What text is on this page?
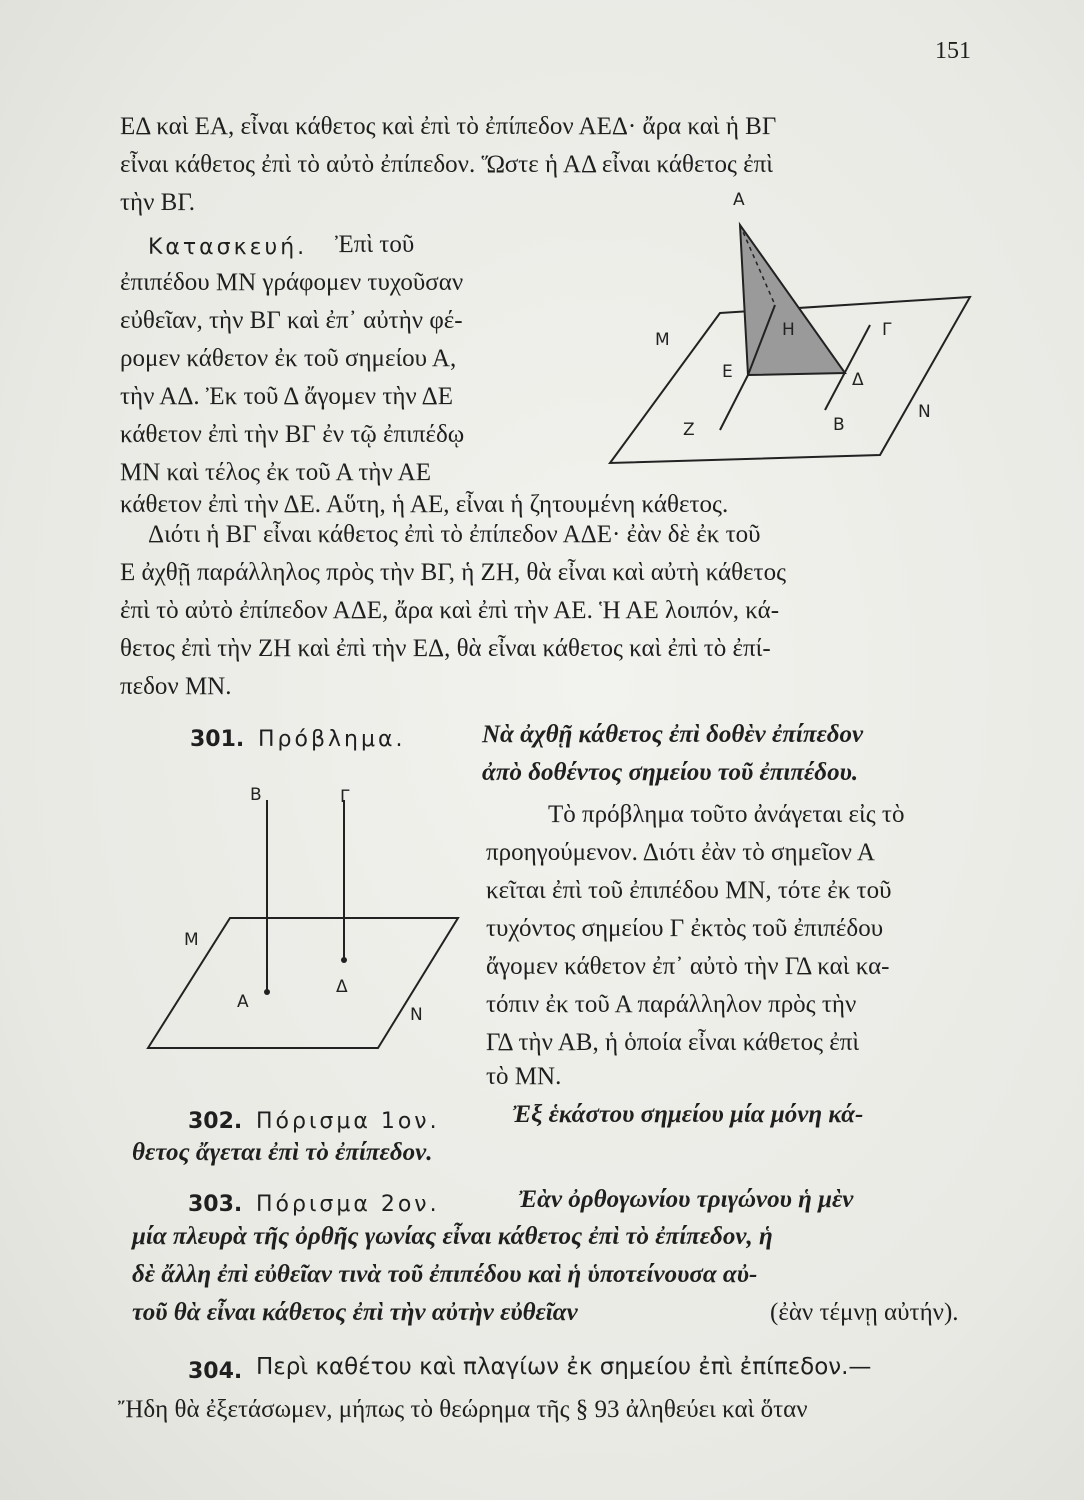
151
ΕΔ καὶ ΕΑ, εἶναι κάθετος καὶ ἐπὶ τὸ ἐπίπεδον ΑΕΔ· ἄρα καὶ ἡ ΒΓ
εἶναι κάθετος ἐπὶ τὸ αὐτὸ ἐπίπεδον. Ὥστε ἡ ΑΔ εἶναι κάθετος ἐπὶ
τὴν ΒΓ.
Κατασκευή. Ἐπὶ τοῦ
ἐπιπέδου ΜΝ γράφομεν τυχοῦσαν
εὐθεῖαν, τὴν ΒΓ καὶ ἐπ᾽ αὐτὴν φέ-
ρομεν κάθετον ἐκ τοῦ σημείου Α,
τὴν ΑΔ. Ἐκ τοῦ Δ ἄγομεν τὴν ΔΕ
κάθετον ἐπὶ τὴν ΒΓ ἐν τῷ ἐπιπέδῳ
ΜΝ καὶ τέλος ἐκ τοῦ Α τὴν ΑΕ
κάθετον ἐπὶ τὴν ΔΕ. Αὕτη, ἡ ΑΕ, εἶναι ἡ ζητουμένη κάθετος.
A
M	H	Γ
E	Δ
Z	B
N
Διότι ἡ ΒΓ εἶναι κάθετος ἐπὶ τὸ ἐπίπεδον ΑΔΕ· ἐὰν δὲ ἐκ τοῦ
Ε ἀχθῇ παράλληλος πρὸς τὴν ΒΓ, ἡ ΖΗ, θὰ εἶναι καὶ αὐτὴ κάθετος
ἐπὶ τὸ αὐτὸ ἐπίπεδον ΑΔΕ, ἄρα καὶ ἐπὶ τὴν ΑΕ. Ἡ ΑΕ λοιπόν, κά-
θετος ἐπὶ τὴν ΖΗ καὶ ἐπὶ τὴν ΕΔ, θὰ εἶναι κάθετος καὶ ἐπὶ τὸ ἐπί-
πεδον ΜΝ.
301. Πρόβλημα.	Νὰ ἀχθῇ κάθετος ἐπὶ δοθὲν ἐπίπεδον
ἀπὸ δοθέντος σημείου τοῦ ἐπιπέδου.
Τὸ πρόβλημα τοῦτο ἀνάγεται εἰς τὸ
προηγούμενον. Διότι ἐὰν τὸ σημεῖον Α
κεῖται ἐπὶ τοῦ ἐπιπέδου ΜΝ, τότε ἐκ τοῦ
τυχόντος σημείου Γ ἐκτὸς τοῦ ἐπιπέδου
ἄγομεν κάθετον ἐπ᾽ αὐτὸ τὴν ΓΔ καὶ κα-
τόπιν ἐκ τοῦ Α παράλληλον πρὸς τὴν
ΓΔ τὴν ΑΒ, ἡ ὁποία εἶναι κάθετος ἐπὶ
τὸ ΜΝ.
B	Γ
M
A
Δ
N
302. Πόρισμα 1ον.	Ἐξ ἑκάστου σημείου μία μόνη κά-
θετος ἄγεται ἐπὶ τὸ ἐπίπεδον.
303. Πόρισμα 2ον.	Ἐὰν ὀρθογωνίου τριγώνου ἡ μὲν
μία πλευρὰ τῆς ὀρθῆς γωνίας εἶναι κάθετος ἐπὶ τὸ ἐπίπεδον, ἡ
δὲ ἄλλη ἐπὶ εὐθεῖαν τινὰ τοῦ ἐπιπέδου καὶ ἡ ὑποτείνουσα αὐ-
τοῦ θὰ εἶναι κάθετος ἐπὶ τὴν αὐτὴν εὐθεῖαν	(ἐὰν τέμνῃ αὐτήν).
304. Περὶ καθέτου καὶ πλαγίων ἐκ σημείου ἐπὶ ἐπίπεδον.—
Ἤδη θὰ ἐξετάσωμεν, μήπως τὸ θεώρημα τῆς § 93 ἀληθεύει καὶ ὅταν
